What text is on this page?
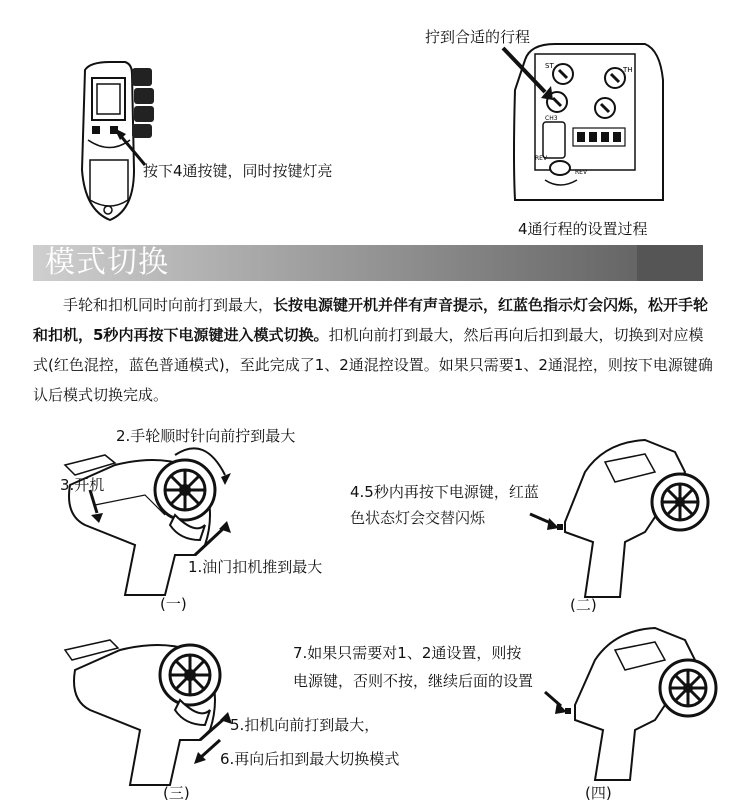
按下4通按键，同时按键灯亮
拧到合适的行程
ST	TH
CH3
REV
REV
4通行程的设置过程
模式切换

手轮和扣机同时向前打到最大，长按电源键开机并伴有声音提示，红蓝色指示灯会闪烁，松开手轮和扣机，5秒内再按下电源键进入模式切换。扣机向前打到最大，然后再向后扣到最大，切换到对应模式(红色混控，蓝色普通模式)，至此完成了1、2通混控设置。如果只需要1、2通混控，则按下电源键确认后模式切换完成。

2.手轮顺时针向前拧到最大
3.开机
1.油门扣机推到最大
(一)
4.5秒内再按下电源键，红蓝
色状态灯会交替闪烁
(二)
5.扣机向前打到最大，
6.再向后扣到最大切换模式
(三)
7.如果只需要对1、2通设置，则按
电源键，否则不按，继续后面的设置
(四)
